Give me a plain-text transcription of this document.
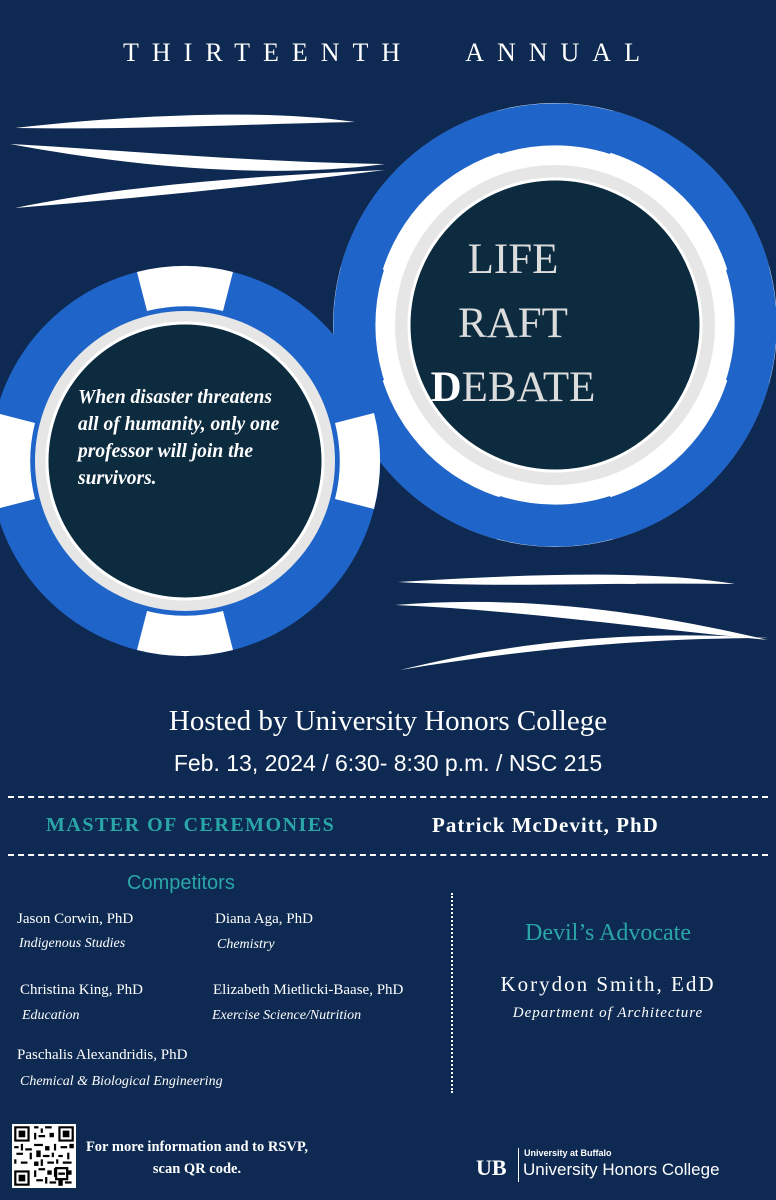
THIRTEENTH ANNUAL
LIFE
RAFT
DEBATE
When disaster threatens all of humanity, only one professor will join the survivors.
Hosted by University Honors College
Feb. 13, 2024 / 6:30- 8:30 p.m. / NSC 215
MASTER OF CEREMONIES	Patrick McDevitt, PhD
Competitors
Jason Corwin, PhD
Indigenous Studies
Diana Aga, PhD
Chemistry
Christina King, PhD
Education
Elizabeth Mietlicki-Baase, PhD
Exercise Science/Nutrition
Paschalis Alexandridis, PhD
Chemical & Biological Engineering
Devil’s Advocate
Korydon Smith, EdD
Department of Architecture
For more information and to RSVP, scan QR code.	UB
University at Buffalo
University Honors College
